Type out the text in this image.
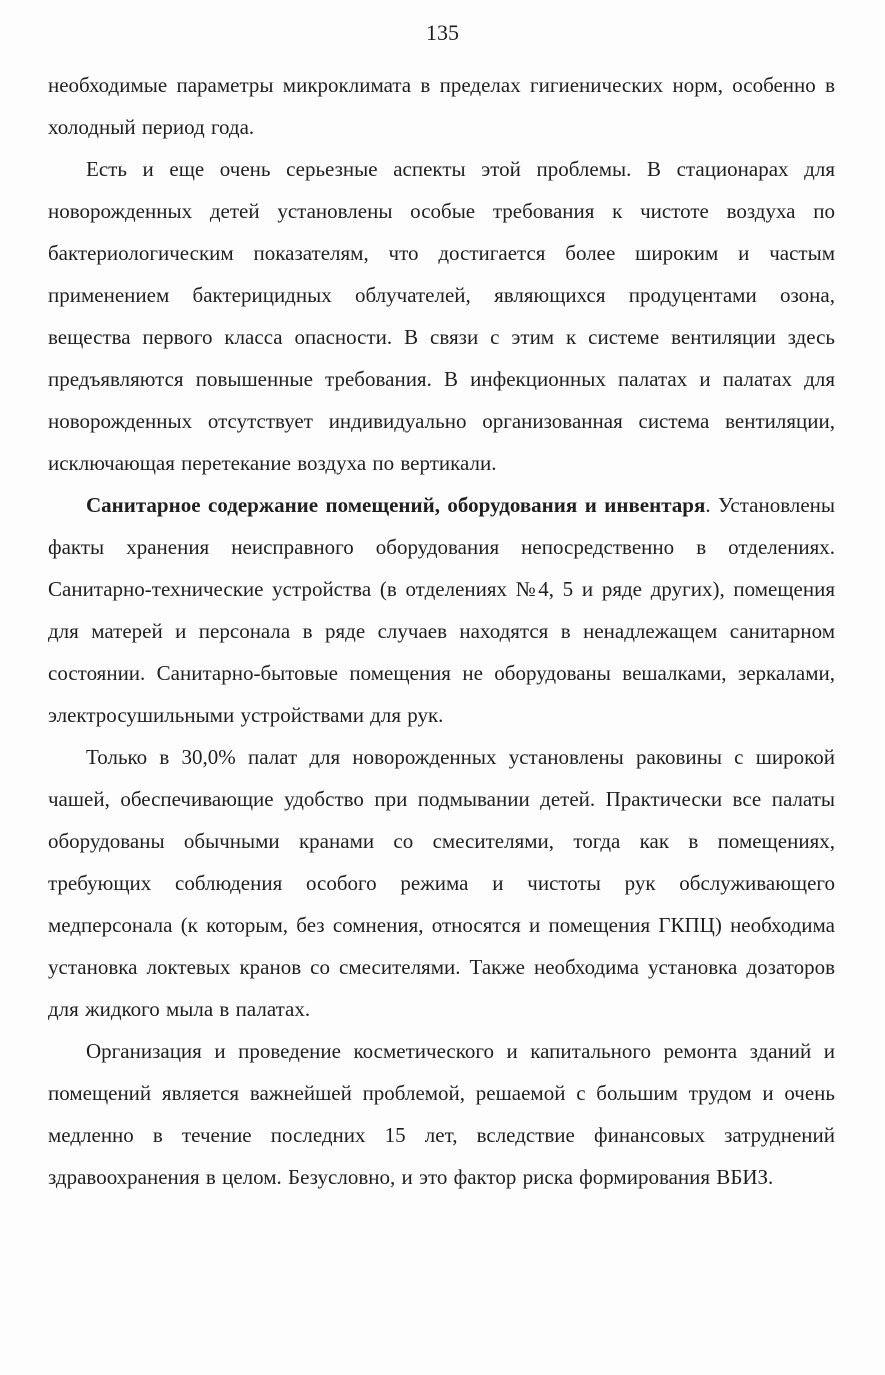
135

необходимые параметры микроклимата в пределах гигиенических норм, особенно в холодный период года.

Есть и еще очень серьезные аспекты этой проблемы. В стационарах для новорожденных детей установлены особые требования к чистоте воздуха по бактериологическим показателям, что достигается более широким и частым применением бактерицидных облучателей, являющихся продуцентами озона, вещества первого класса опасности. В связи с этим к системе вентиляции здесь предъявляются повышенные требования. В инфекционных палатах и палатах для новорожденных отсутствует индивидуально организованная система вентиляции, исключающая перетекание воздуха по вертикали.

Санитарное содержание помещений, оборудования и инвентаря. Установлены факты хранения неисправного оборудования непосредственно в отделениях. Санитарно-технические устройства (в отделениях №4, 5 и ряде других), помещения для матерей и персонала в ряде случаев находятся в ненадлежащем санитарном состоянии. Санитарно-бытовые помещения не оборудованы вешалками, зеркалами, электросушильными устройствами для рук.

Только в 30,0% палат для новорожденных установлены раковины с широкой чашей, обеспечивающие удобство при подмывании детей. Практически все палаты оборудованы обычными кранами со смесителями, тогда как в помещениях, требующих соблюдения особого режима и чистоты рук обслуживающего медперсонала (к которым, без сомнения, относятся и помещения ГКПЦ) необходима установка локтевых кранов со смесителями. Также необходима установка дозаторов для жидкого мыла в палатах.

Организация и проведение косметического и капитального ремонта зданий и помещений является важнейшей проблемой, решаемой с большим трудом и очень медленно в течение последних 15 лет, вследствие финансовых затруднений здравоохранения в целом. Безусловно, и это фактор риска формирования ВБИЗ.
